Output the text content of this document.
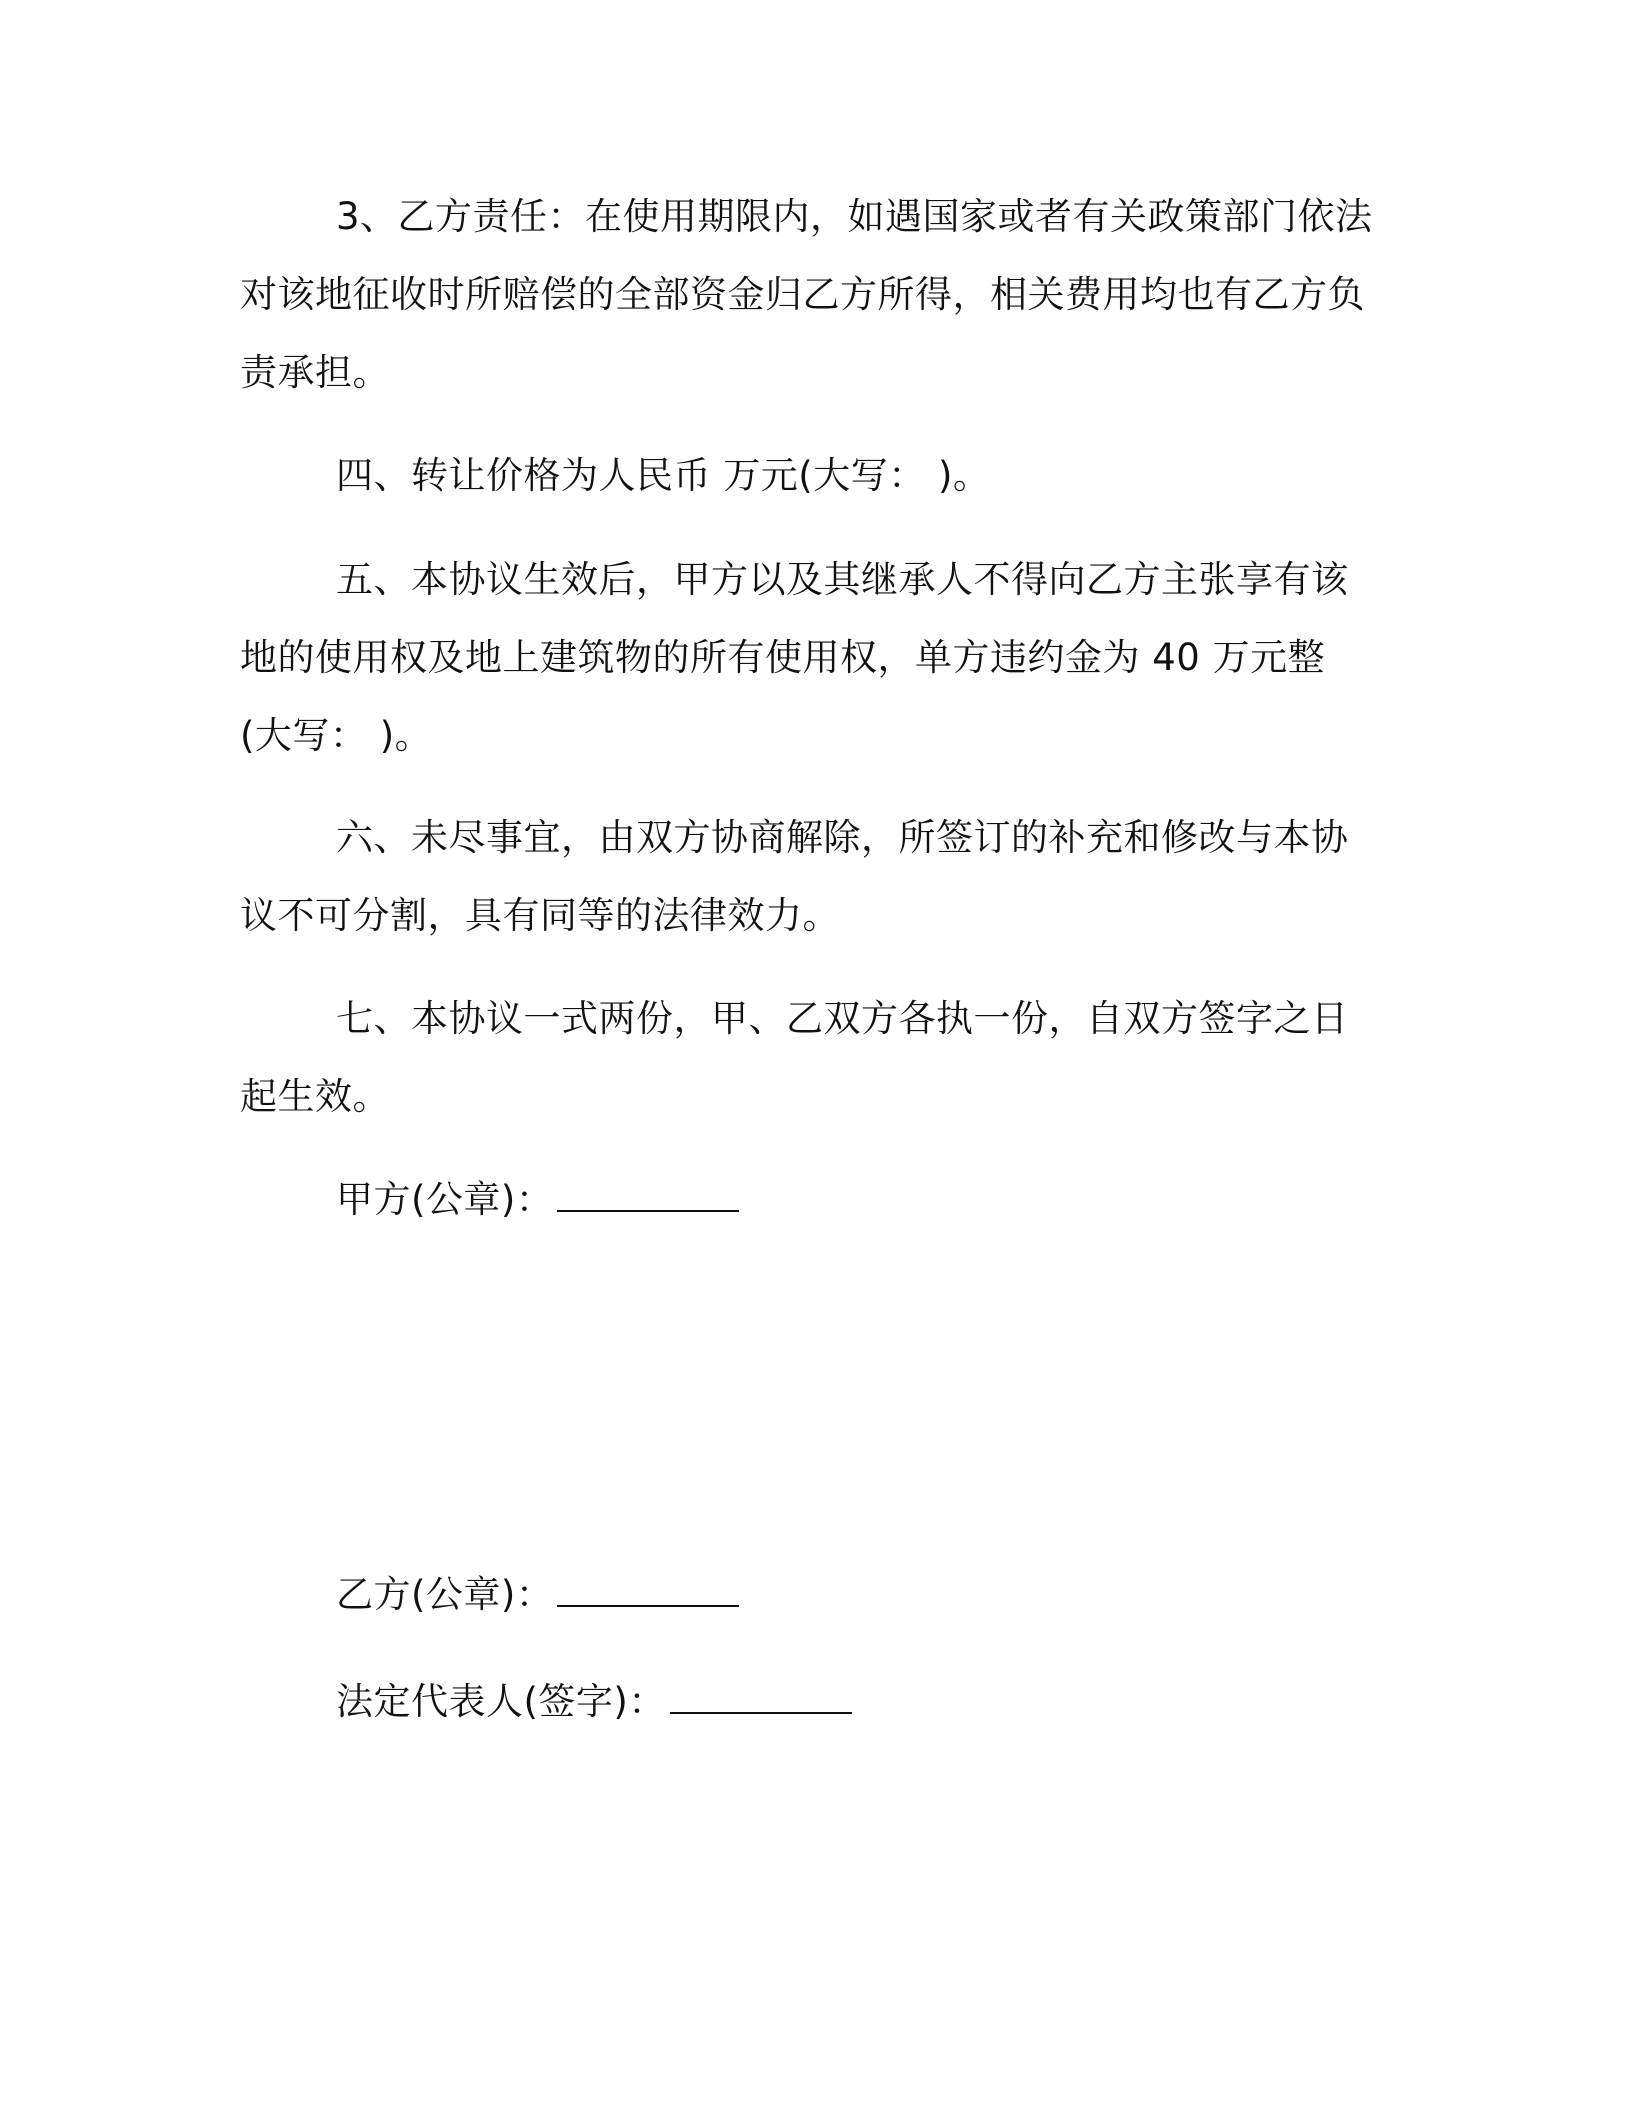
3、乙方责任：在使用期限内，如遇国家或者有关政策部门依法对该地征收时所赔偿的全部资金归乙方所得，相关费用均也有乙方负责承担。

四、转让价格为人民币 万元(大写： )。

五、本协议生效后，甲方以及其继承人不得向乙方主张享有该地的使用权及地上建筑物的所有使用权，单方违约金为 40 万元整(大写： )。

六、未尽事宜，由双方协商解除，所签订的补充和修改与本协议不可分割，具有同等的法律效力。

七、本协议一式两份，甲、乙双方各执一份，自双方签字之日起生效。

甲方(公章)：
乙方(公章)：
法定代表人(签字)：
